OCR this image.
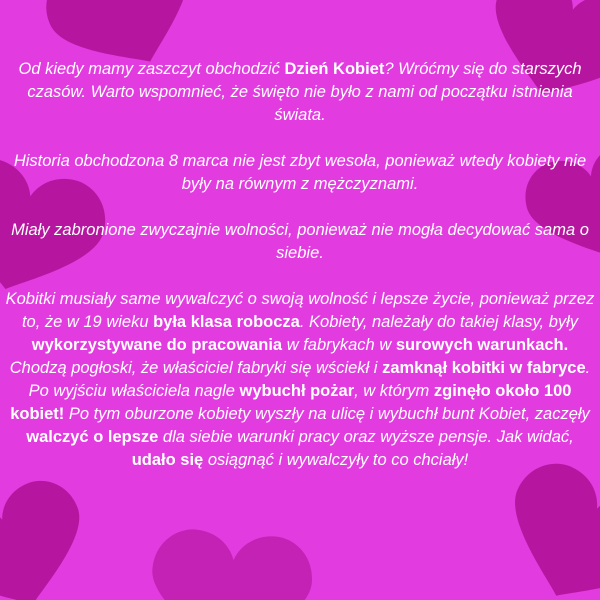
Od kiedy mamy zaszczyt obchodzić Dzień Kobiet? Wróćmy się do starszych czasów. Warto wspomnieć, że święto nie było z nami od początku istnienia świata.

Historia obchodzona 8 marca nie jest zbyt wesoła, ponieważ wtedy kobiety nie były na równym z mężczyznami.

Miały zabronione zwyczajnie wolności, ponieważ nie mogła decydować sama o siebie.

Kobitki musiały same wywalczyć o swoją wolność i lepsze życie, ponieważ przez to, że w 19 wieku była klasa robocza. Kobiety, należały do takiej klasy, były wykorzystywane do pracowania w fabrykach w surowych warunkach. Chodzą pogłoski, że właściciel fabryki się wściekł i zamknął kobitki w fabryce. Po wyjściu właściciela nagle wybuchł pożar, w którym zginęło około 100 kobiet! Po tym oburzone kobiety wyszły na ulicę i wybuchł bunt Kobiet, zaczęły walczyć o lepsze dla siebie warunki pracy oraz wyższe pensje. Jak widać, udało się osiągnąć i wywalczyły to co chciały!
